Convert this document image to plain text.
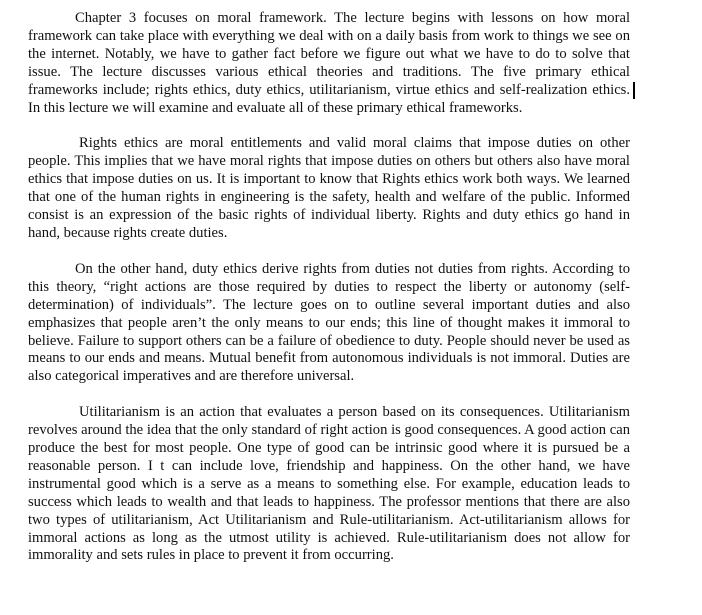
Chapter 3 focuses on moral framework. The lecture begins with lessons on how moral framework can take place with everything we deal with on a daily basis from work to things we see on the internet. Notably, we have to gather fact before we figure out what we have to do to solve that issue. The lecture discusses various ethical theories and traditions. The five primary ethical frameworks include; rights ethics, duty ethics, utilitarianism, virtue ethics and self-realization ethics. In this lecture we will examine and evaluate all of these primary ethical frameworks.

Rights ethics are moral entitlements and valid moral claims that impose duties on other people. This implies that we have moral rights that impose duties on others but others also have moral ethics that impose duties on us. It is important to know that Rights ethics work both ways. We learned that one of the human rights in engineering is the safety, health and welfare of the public. Informed consist is an expression of the basic rights of individual liberty. Rights and duty ethics go hand in hand, because rights create duties.

On the other hand, duty ethics derive rights from duties not duties from rights. According to this theory, “right actions are those required by duties to respect the liberty or autonomy (self-determination) of individuals”. The lecture goes on to outline several important duties and also emphasizes that people aren’t the only means to our ends; this line of thought makes it immoral to believe. Failure to support others can be a failure of obedience to duty. People should never be used as means to our ends and means. Mutual benefit from autonomous individuals is not immoral. Duties are also categorical imperatives and are therefore universal.

Utilitarianism is an action that evaluates a person based on its consequences. Utilitarianism revolves around the idea that the only standard of right action is good consequences. A good action can produce the best for most people. One type of good can be intrinsic good where it is pursued be a reasonable person. I t can include love, friendship and happiness. On the other hand, we have instrumental good which is a serve as a means to something else. For example, education leads to success which leads to wealth and that leads to happiness. The professor mentions that there are also two types of utilitarianism, Act Utilitarianism and Rule-utilitarianism. Act-utilitarianism allows for immoral actions as long as the utmost utility is achieved. Rule-utilitarianism does not allow for immorality and sets rules in place to prevent it from occurring.
